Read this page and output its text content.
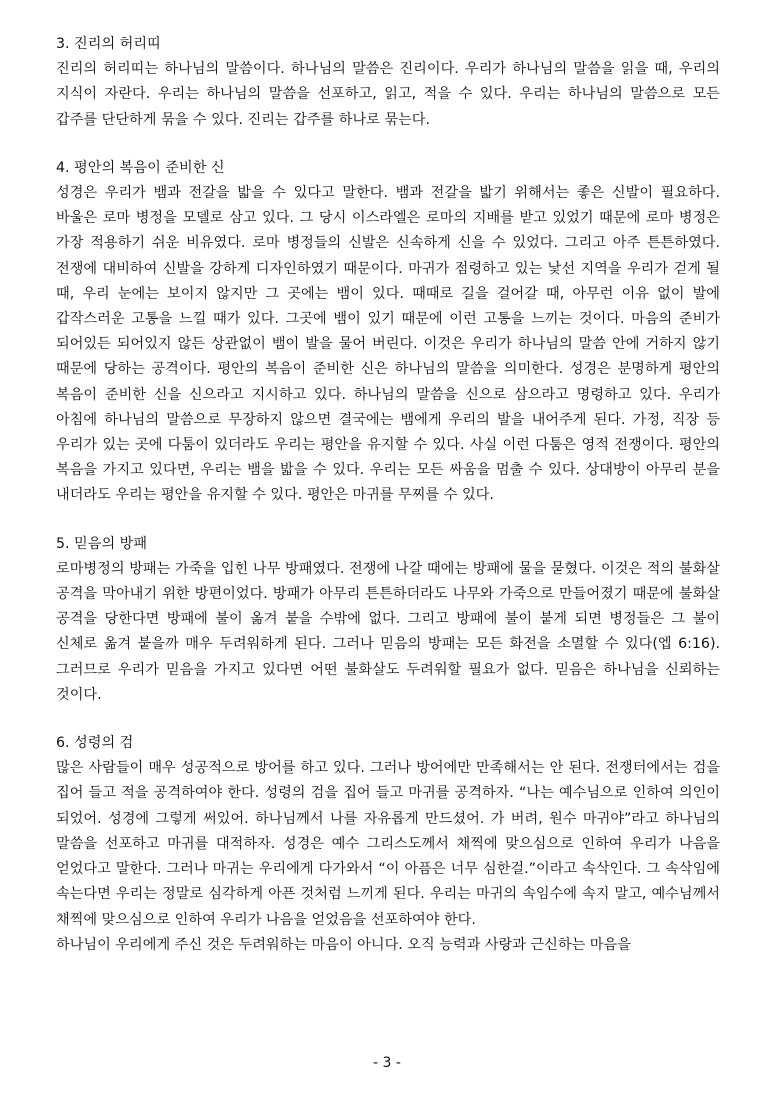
3. 진리의 허리띠

진리의 허리띠는 하나님의 말씀이다. 하나님의 말씀은 진리이다. 우리가 하나님의 말씀을 읽을 때, 우리의 지식이 자란다. 우리는 하나님의 말씀을 선포하고, 읽고, 적을 수 있다. 우리는 하나님의 말씀으로 모든 갑주를 단단하게 묶을 수 있다. 진리는 갑주를 하나로 묶는다.

4. 평안의 복음이 준비한 신

성경은 우리가 뱀과 전갈을 밟을 수 있다고 말한다. 뱀과 전갈을 밟기 위해서는 좋은 신발이 필요하다. 바울은 로마 병정을 모델로 삼고 있다. 그 당시 이스라엘은 로마의 지배를 받고 있었기 때문에 로마 병정은 가장 적용하기 쉬운 비유였다. 로마 병정들의 신발은 신속하게 신을 수 있었다. 그리고 아주 튼튼하였다. 전쟁에 대비하여 신발을 강하게 디자인하였기 때문이다. 마귀가 점령하고 있는 낯선 지역을 우리가 걷게 될 때, 우리 눈에는 보이지 않지만 그 곳에는 뱀이 있다. 때때로 길을 걸어갈 때, 아무런 이유 없이 발에 갑작스러운 고통을 느낄 때가 있다. 그곳에 뱀이 있기 때문에 이런 고통을 느끼는 것이다. 마음의 준비가 되어있든 되어있지 않든 상관없이 뱀이 발을 물어 버린다. 이것은 우리가 하나님의 말씀 안에 거하지 않기 때문에 당하는 공격이다. 평안의 복음이 준비한 신은 하나님의 말씀을 의미한다. 성경은 분명하게 평안의 복음이 준비한 신을 신으라고 지시하고 있다. 하나님의 말씀을 신으로 삼으라고 명령하고 있다. 우리가 아침에 하나님의 말씀으로 무장하지 않으면 결국에는 뱀에게 우리의 발을 내어주게 된다. 가정, 직장 등 우리가 있는 곳에 다툼이 있더라도 우리는 평안을 유지할 수 있다. 사실 이런 다툼은 영적 전쟁이다. 평안의 복음을 가지고 있다면, 우리는 뱀을 밟을 수 있다. 우리는 모든 싸움을 멈출 수 있다. 상대방이 아무리 분을 내더라도 우리는 평안을 유지할 수 있다. 평안은 마귀를 무찌를 수 있다.

5. 믿음의 방패

로마병정의 방패는 가죽을 입힌 나무 방패였다. 전쟁에 나갈 때에는 방패에 물을 묻혔다. 이것은 적의 불화살 공격을 막아내기 위한 방편이었다. 방패가 아무리 튼튼하더라도 나무와 가죽으로 만들어졌기 때문에 불화살 공격을 당한다면 방패에 불이 옮겨 붙을 수밖에 없다. 그리고 방패에 불이 붙게 되면 병정들은 그 불이 신체로 옮겨 붙을까 매우 두려워하게 된다. 그러나 믿음의 방패는 모든 화전을 소멸할 수 있다(엡 6:16). 그러므로 우리가 믿음을 가지고 있다면 어떤 불화살도 두려워할 필요가 없다. 믿음은 하나님을 신뢰하는 것이다.

6. 성령의 검

많은 사람들이 매우 성공적으로 방어를 하고 있다. 그러나 방어에만 만족해서는 안 된다. 전쟁터에서는 검을 집어 들고 적을 공격하여야 한다. 성령의 검을 집어 들고 마귀를 공격하자. “나는 예수님으로 인하여 의인이 되었어. 성경에 그렇게 써있어. 하나님께서 나를 자유롭게 만드셨어. 가 버려, 원수 마귀야”라고 하나님의 말씀을 선포하고 마귀를 대적하자. 성경은 예수 그리스도께서 채찍에 맞으심으로 인하여 우리가 나음을 얻었다고 말한다. 그러나 마귀는 우리에게 다가와서 “이 아픔은 너무 심한걸.”이라고 속삭인다. 그 속삭임에 속는다면 우리는 정말로 심각하게 아픈 것처럼 느끼게 된다. 우리는 마귀의 속임수에 속지 말고, 예수님께서 채찍에 맞으심으로 인하여 우리가 나음을 얻었음을 선포하여야 한다.

하나님이 우리에게 주신 것은 두려워하는 마음이 아니다. 오직 능력과 사랑과 근신하는 마음을

- 3 -
